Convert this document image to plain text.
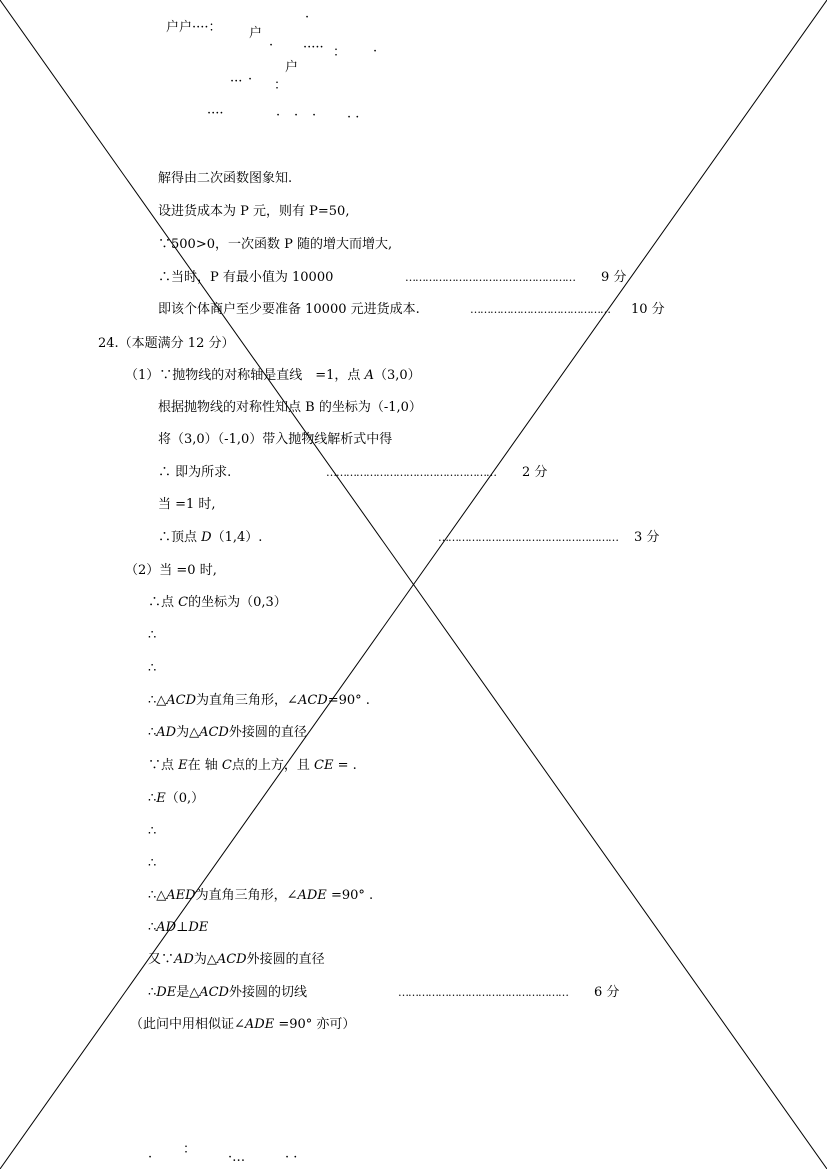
户户····：
·
户
· ····· ： ·
户
··· · ：
····	· · · · ·
解得由二次函数图象知.
设进货成本为 P 元，则有 P=50,
∵500>0，一次函数 P 随的增大而增大,
∴当时，P 有最小值为 10000	…………………………………………… 9 分
即该个体商户至少要准备 10000 元进货成本.	…………………………………… 10 分
24.（本题满分 12 分）
（1）∵抛物线的对称轴是直线　=1，点 A（3,0）
根据抛物线的对称性知点 B 的坐标为（-1,0）
将（3,0）（-1,0）带入抛物线解析式中得
∴ 即为所求.	…………………………………………… 2 分
当 =1 时,
∴顶点 D（1,4）.	……………………………………………… 3 分
（2）当 =0 时,
∴点 C的坐标为（0,3）
∴
∴
∴△ACD为直角三角形，∠ACD=90° .
∴AD为△ACD外接圆的直径
∵点 E在 轴 C点的上方，且 CE = .
∴E（0,）
∴
∴
∴△AED为直角三角形，∠ADE =90° .
∴AD⊥DE
又∵AD为△ACD外接圆的直径
∴DE是△ACD外接圆的切线	…………………………………………… 6 分
（此问中用相似证∠ADE =90° 亦可）
·
：
·…	· ·
